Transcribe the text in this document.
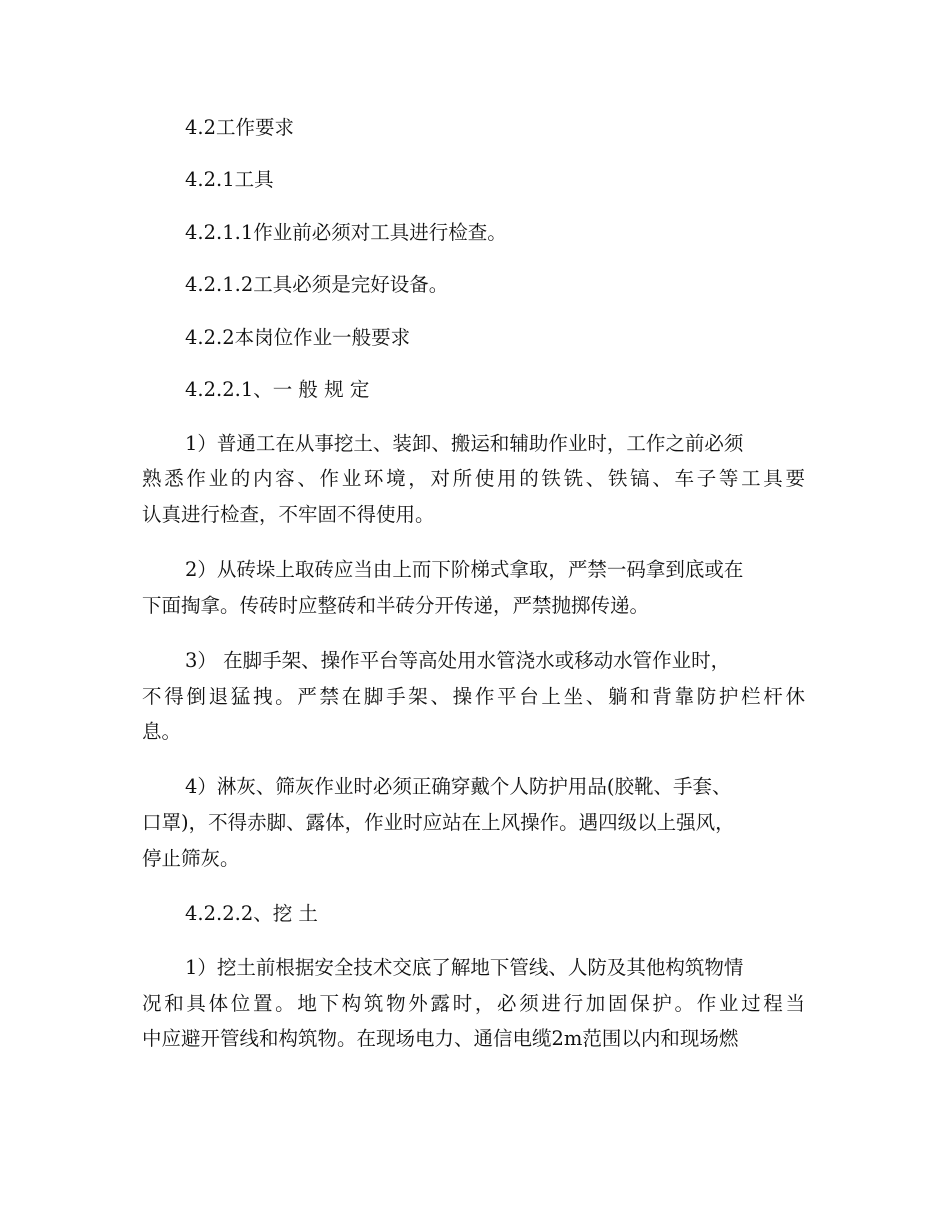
4.2工作要求
4.2.1工具
4.2.1.1作业前必须对工具进行检查。
4.2.1.2工具必须是完好设备。
4.2.2本岗位作业一般要求
4.2.2.1、一 般 规 定
1）普通工在从事挖土、装卸、搬运和辅助作业时，工作之前必须
熟悉作业的内容、作业环境，对所使用的铁铣、铁镐、车子等工具要
认真进行检查，不牢固不得使用。
2）从砖垛上取砖应当由上而下阶梯式拿取，严禁一码拿到底或在
下面掏拿。传砖时应整砖和半砖分开传递，严禁抛掷传递。
3） 在脚手架、操作平台等高处用水管浇水或移动水管作业时，
不得倒退猛拽。严禁在脚手架、操作平台上坐、躺和背靠防护栏杆休
息。
4）淋灰、筛灰作业时必须正确穿戴个人防护用品(胶靴、手套、
口罩)，不得赤脚、露体，作业时应站在上风操作。遇四级以上强风，
停止筛灰。
4.2.2.2、挖 土
1）挖土前根据安全技术交底了解地下管线、人防及其他构筑物情
况和具体位置。地下构筑物外露时，必须进行加固保护。作业过程当
中应避开管线和构筑物。在现场电力、通信电缆2m范围以内和现场燃
